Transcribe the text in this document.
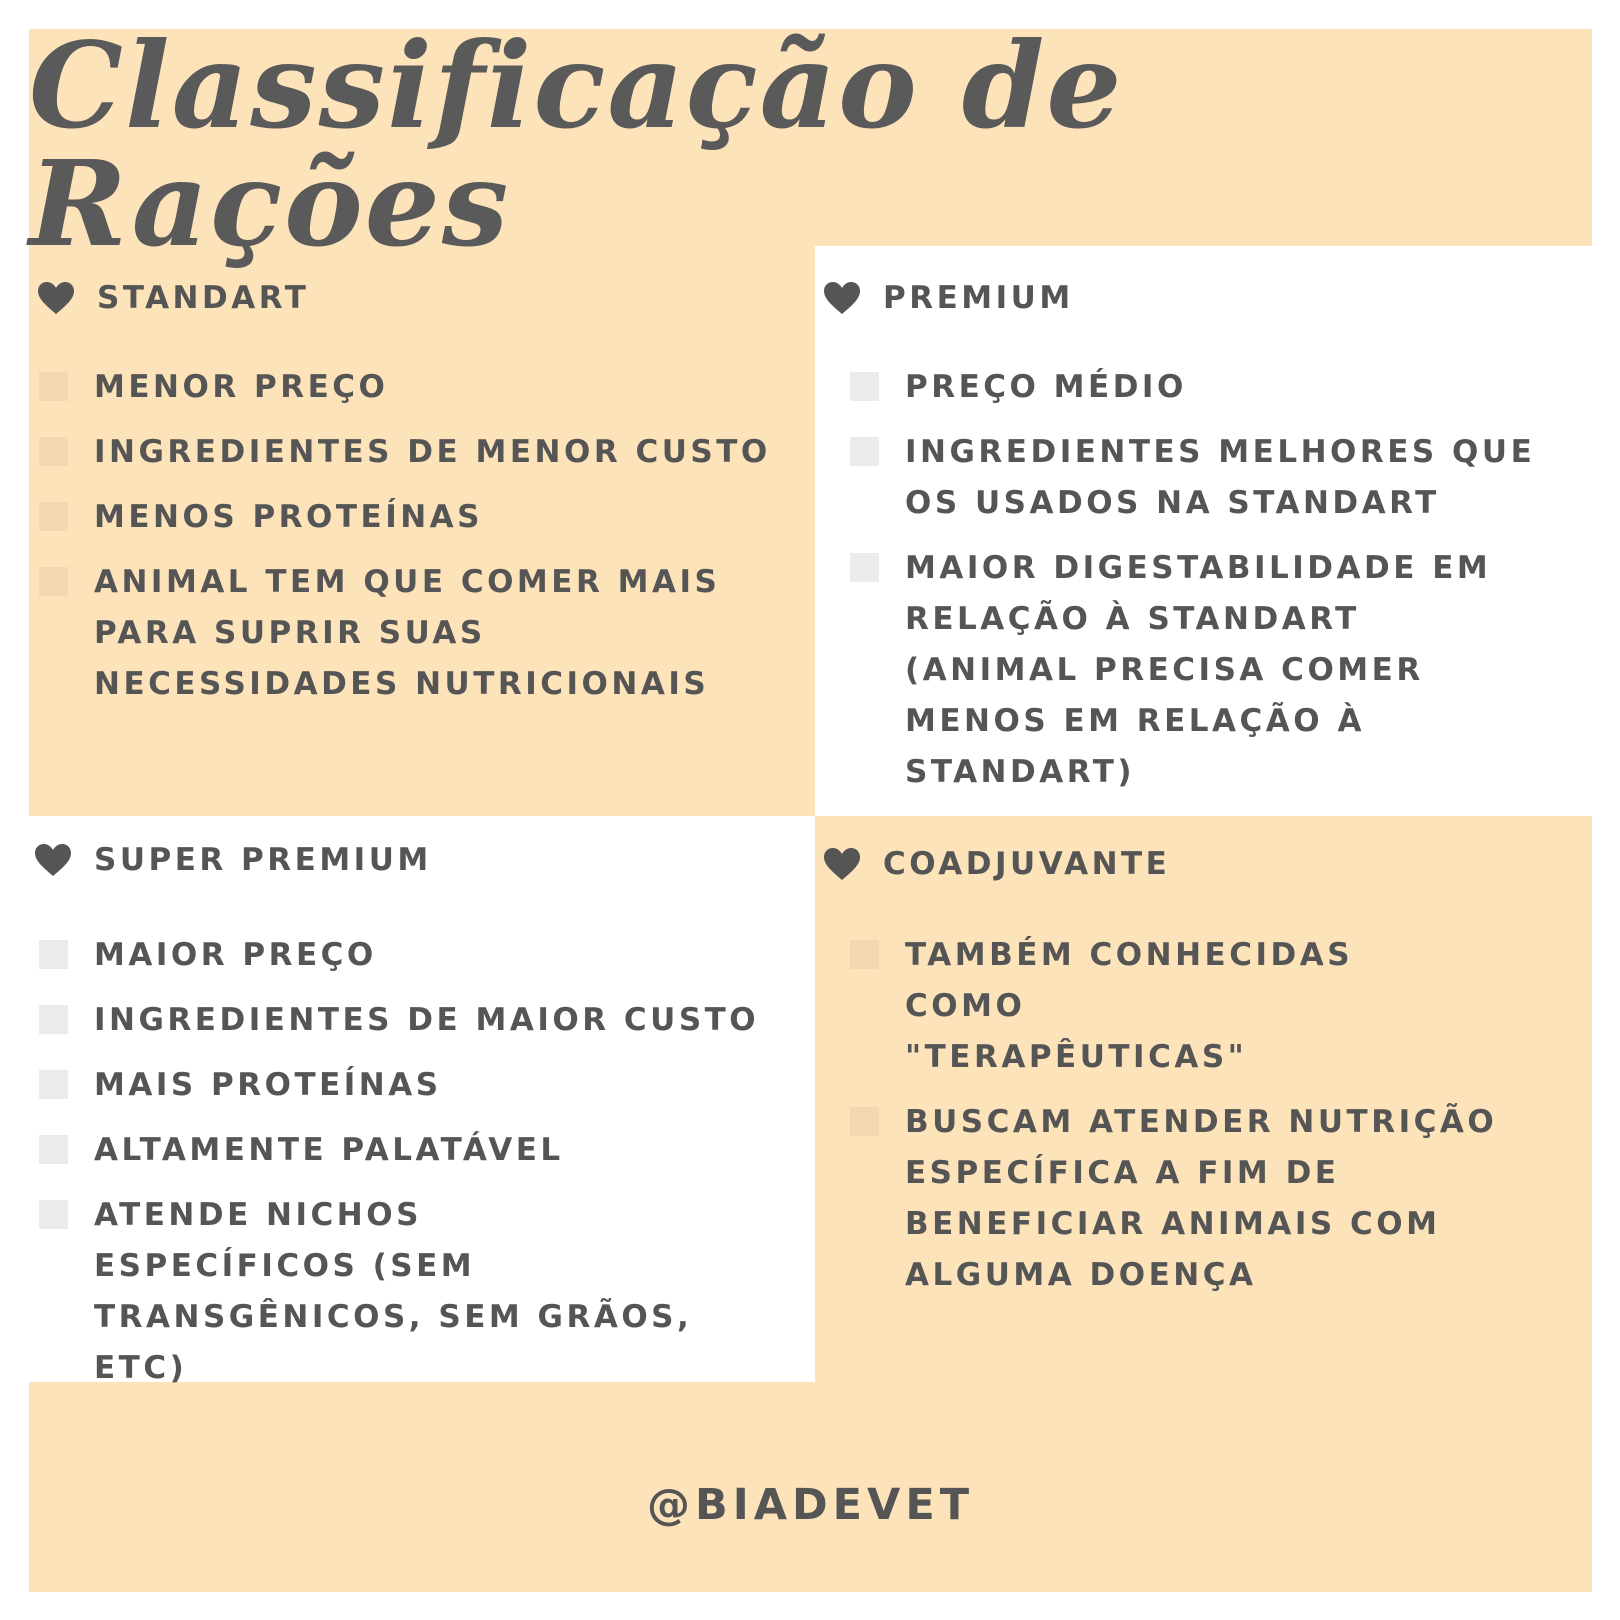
Classificação de Rações
STANDART
MENOR PREÇO
INGREDIENTES DE MENOR CUSTO
MENOS PROTEÍNAS
ANIMAL TEM QUE COMER MAIS PARA SUPRIR SUAS NECESSIDADES NUTRICIONAIS
PREMIUM
PREÇO MÉDIO
INGREDIENTES MELHORES QUE OS USADOS NA STANDART
MAIOR DIGESTABILIDADE EM RELAÇÃO À STANDART (ANIMAL PRECISA COMER MENOS EM RELAÇÃO À STANDART)
SUPER PREMIUM
MAIOR PREÇO
INGREDIENTES DE MAIOR CUSTO
MAIS PROTEÍNAS
ALTAMENTE PALATÁVEL
ATENDE NICHOS ESPECÍFICOS (SEM TRANSGÊNICOS, SEM GRÃOS, ETC)
COADJUVANTE
TAMBÉM CONHECIDAS COMO "TERAPÊUTICAS"
BUSCAM ATENDER NUTRIÇÃO ESPECÍFICA A FIM DE BENEFICIAR ANIMAIS COM ALGUMA DOENÇA
@BIADEVET
